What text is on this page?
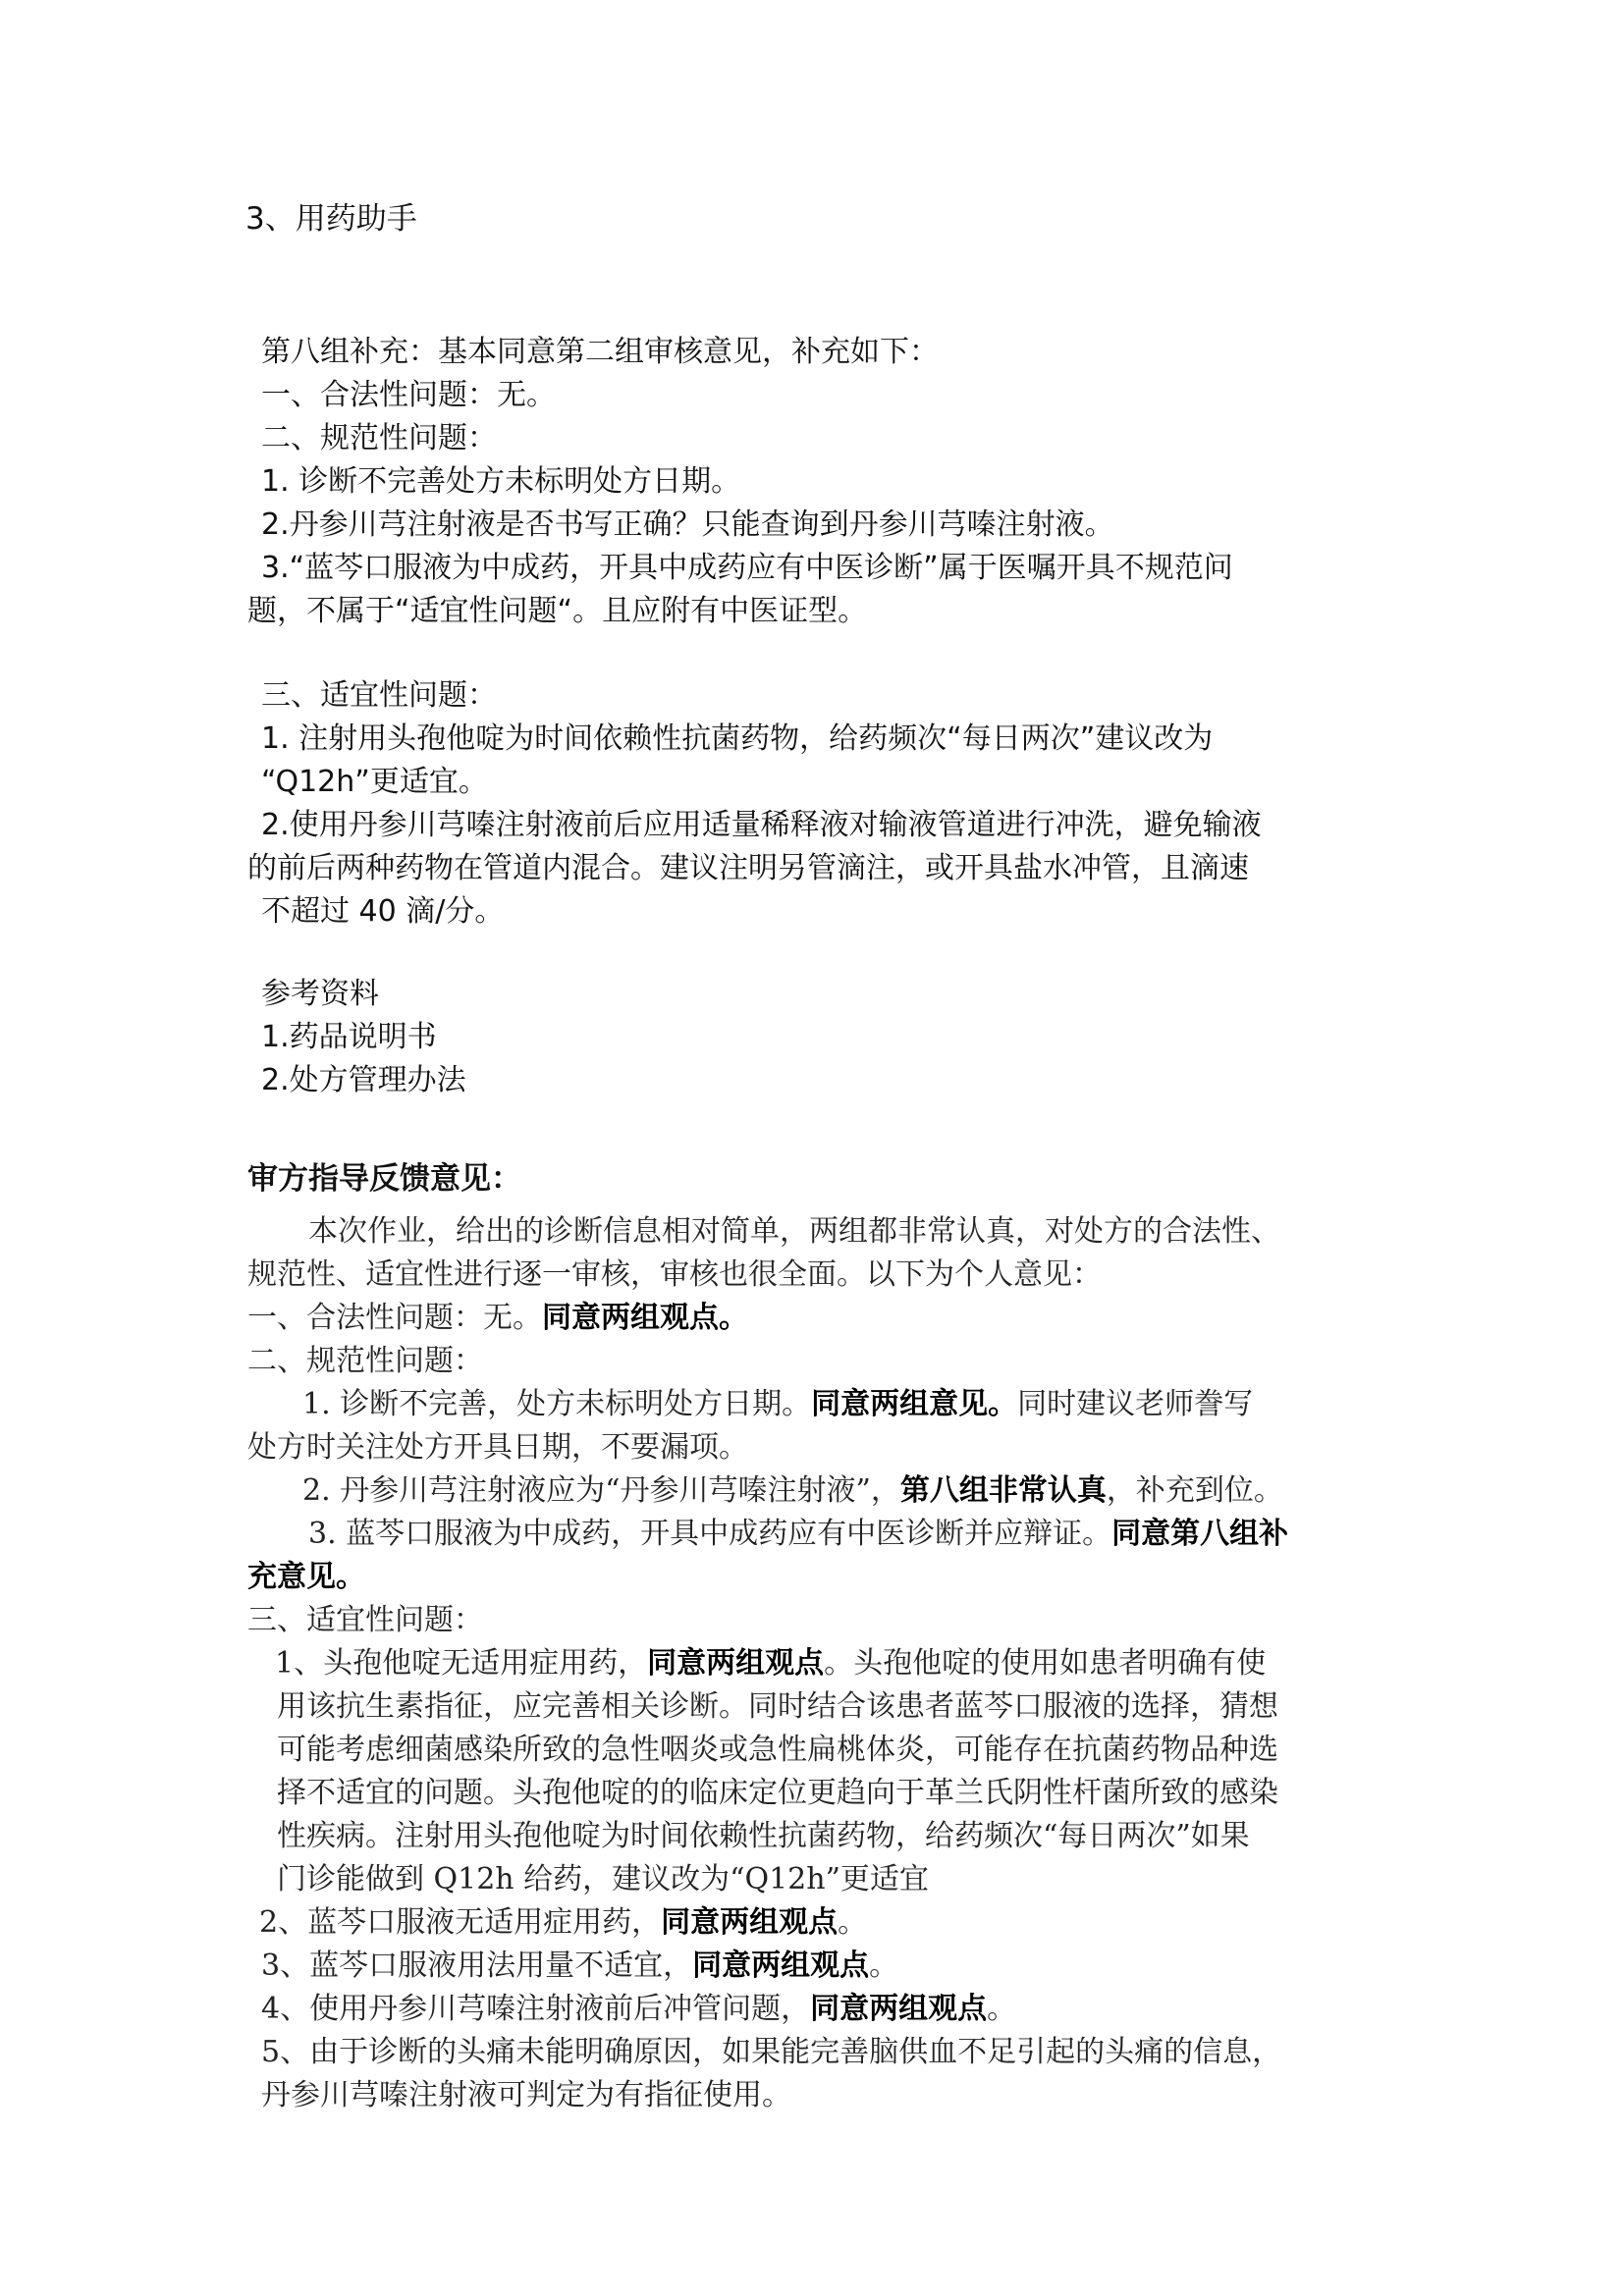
3、用药助手
第八组补充：基本同意第二组审核意见，补充如下：
一、合法性问题：无。
二、规范性问题：
1. 诊断不完善处方未标明处方日期。
2.丹参川芎注射液是否书写正确？只能查询到丹参川芎嗪注射液。
3.“蓝芩口服液为中成药，开具中成药应有中医诊断”属于医嘱开具不规范问
题，不属于“适宜性问题“。且应附有中医证型。
三、适宜性问题：
1. 注射用头孢他啶为时间依赖性抗菌药物，给药频次“每日两次”建议改为
“Q12h”更适宜。
2.使用丹参川芎嗪注射液前后应用适量稀释液对输液管道进行冲洗，避免输液
的前后两种药物在管道内混合。建议注明另管滴注，或开具盐水冲管，且滴速
不超过 40 滴/分。
参考资料
1.药品说明书
2.处方管理办法
审方指导反馈意见：
本次作业，给出的诊断信息相对简单，两组都非常认真，对处方的合法性、
规范性、适宜性进行逐一审核，审核也很全面。以下为个人意见：
一、合法性问题：无。同意两组观点。
二、规范性问题：
1. 诊断不完善，处方未标明处方日期。同意两组意见。同时建议老师誊写
处方时关注处方开具日期，不要漏项。
2. 丹参川芎注射液应为“丹参川芎嗪注射液”，第八组非常认真，补充到位。
3. 蓝芩口服液为中成药，开具中成药应有中医诊断并应辩证。同意第八组补
充意见。
三、适宜性问题：
1、头孢他啶无适用症用药，同意两组观点。头孢他啶的使用如患者明确有使
用该抗生素指征，应完善相关诊断。同时结合该患者蓝芩口服液的选择，猜想
可能考虑细菌感染所致的急性咽炎或急性扁桃体炎，可能存在抗菌药物品种选
择不适宜的问题。头孢他啶的的临床定位更趋向于革兰氏阴性杆菌所致的感染
性疾病。注射用头孢他啶为时间依赖性抗菌药物，给药频次“每日两次”如果
门诊能做到 Q12h 给药，建议改为“Q12h”更适宜
2、蓝芩口服液无适用症用药，同意两组观点。
3、蓝芩口服液用法用量不适宜，同意两组观点。
4、使用丹参川芎嗪注射液前后冲管问题，同意两组观点。
5、由于诊断的头痛未能明确原因，如果能完善脑供血不足引起的头痛的信息，
丹参川芎嗪注射液可判定为有指征使用。
